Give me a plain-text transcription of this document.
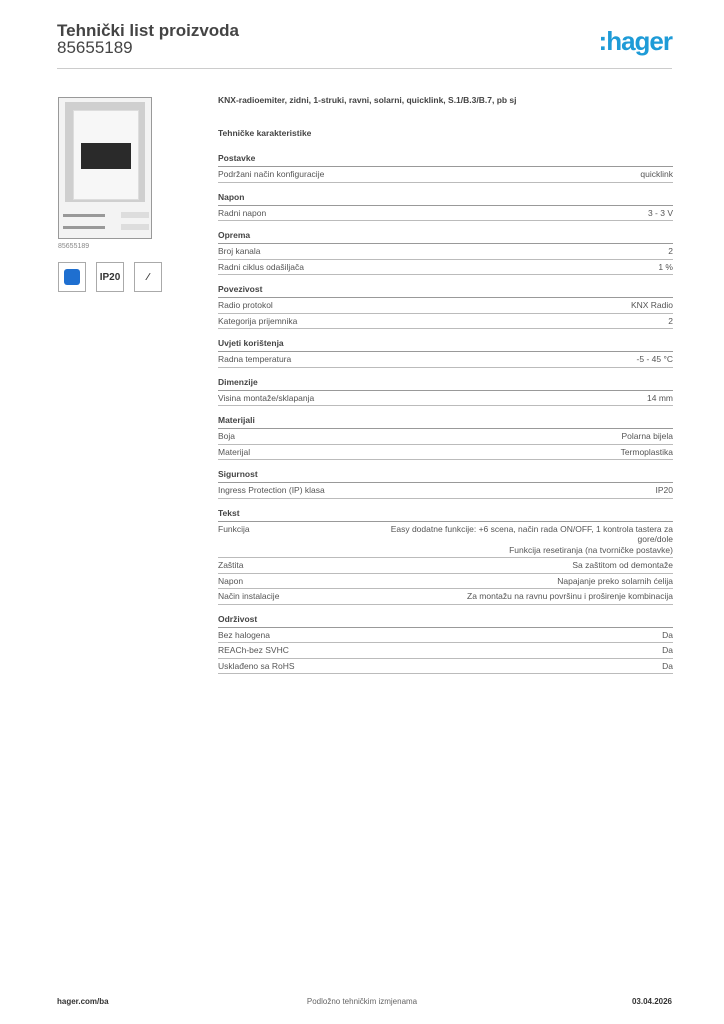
Tehnički list proizvoda
85655189	:hager
85655189
IP20	∕
KNX-radioemiter, zidni, 1-struki, ravni, solarni, quicklink, S.1/B.3/B.7, pb sj
Tehničke karakteristike
Postavke
Podržani način konfiguracije	quicklink
Napon
Radni napon	3 - 3 V
Oprema
Broj kanala	2
Radni ciklus odašiljača	1 %
Povezivost
Radio protokol	KNX Radio
Kategorija prijemnika	2
Uvjeti korištenja
Radna temperatura	-5 - 45 °C
Dimenzije
Visina montaže/sklapanja	14 mm
Materijali
Boja	Polarna bijela
Materijal	Termoplastika
Sigurnost
Ingress Protection (IP) klasa	IP20
Tekst
Funkcija	Easy dodatne funkcije: +6 scena, način rada ON/OFF, 1 kontrola tastera za gore/dole
Funkcija resetiranja (na tvorničke postavke)
Zaštita	Sa zaštitom od demontaže
Napon	Napajanje preko solarnih ćelija
Način instalacije	Za montažu na ravnu površinu i proširenje kombinacija
Održivost
Bez halogena	Da
REACh-bez SVHC	Da
Usklađeno sa RoHS	Da
hager.com/ba	Podložno tehničkim izmjenama	03.04.2026
